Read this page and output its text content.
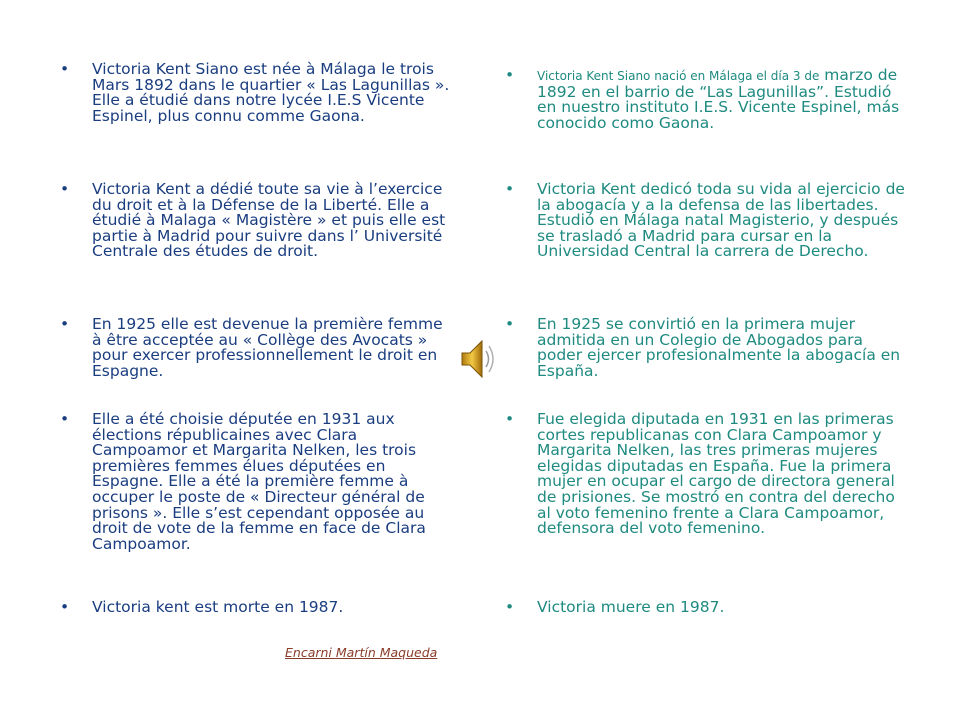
• Victoria Kent Siano est née à Málaga le trois Mars 1892 dans le quartier « Las Lagunillas ». Elle a étudié dans notre lycée I.E.S Vicente Espinel, plus connu comme Gaona.
• Victoria Kent a dédié toute sa vie à l’exercice du droit et à la Défense de la Liberté. Elle a étudié à Malaga « Magistère » et puis elle est partie à Madrid pour suivre dans l’ Université Centrale des études de droit.
• En 1925 elle est devenue la première femme à être acceptée au « Collège des Avocats » pour exercer professionnellement le droit en Espagne.
• Elle a été choisie députée en 1931 aux élections républicaines avec Clara Campoamor et Margarita Nelken, les trois premières femmes élues députées en Espagne. Elle a été la première femme à occuper le poste de « Directeur général de prisons ». Elle s’est cependant opposée au droit de vote de la femme en face de Clara Campoamor.
• Victoria kent est morte en 1987.
• Victoria Kent Siano nació en Málaga el día 3 de marzo de 1892 en el barrio de “Las Lagunillas”. Estudió en nuestro instituto I.E.S. Vicente Espinel, más conocido como Gaona.
• Victoria Kent dedicó toda su vida al ejercicio de la abogacía y a la defensa de las libertades. Estudió en Málaga natal Magisterio, y después se trasladó a Madrid para cursar en la Universidad Central la carrera de Derecho.
• En 1925 se convirtió en la primera mujer admitida en un Colegio de Abogados para poder ejercer profesionalmente la abogacía en España.
• Fue elegida diputada en 1931 en las primeras cortes republicanas con Clara Campoamor y Margarita Nelken, las tres primeras mujeres elegidas diputadas en España. Fue la primera mujer en ocupar el cargo de directora general de prisiones. Se mostró en contra del derecho al voto femenino frente a Clara Campoamor, defensora del voto femenino.
• Victoria muere en 1987.
Encarni Martín Maqueda
